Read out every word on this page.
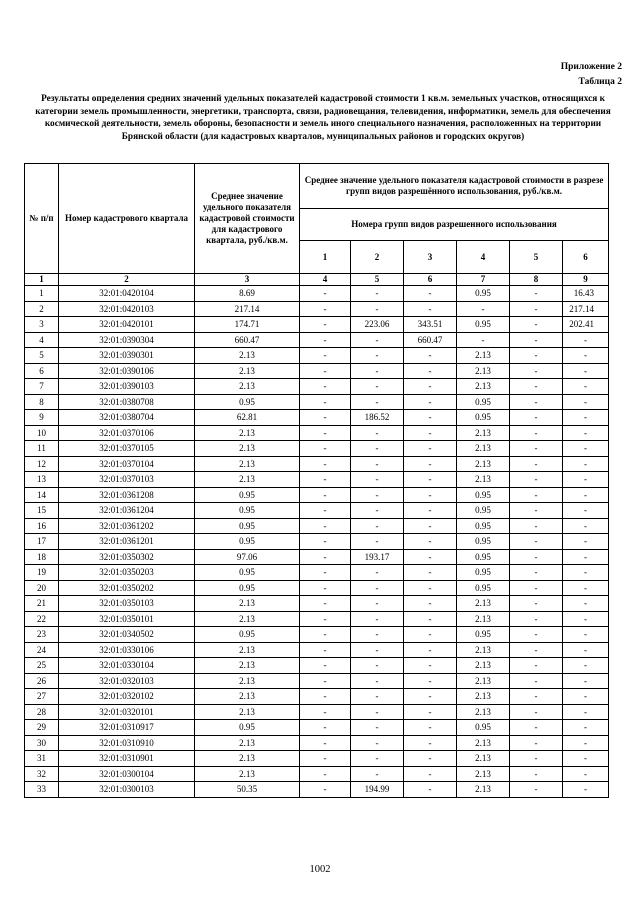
Приложение 2
Таблица 2
Результаты определения средних значений удельных показателей кадастровой стоимости 1 кв.м. земельных участков, относящихся к категории земель промышленности, энергетики, транспорта, связи, радиовещания, телевидения, информатики, земель для обеспечения космической деятельности, земель обороны, безопасности и земель иного специального назначения, расположенных на территории Брянской области (для кадастровых кварталов, муниципальных районов и городских округов)
№ п/п	Номер кадастрового квартала	Среднее значение удельного показателя кадастровой стоимости для кадастрового квартала, руб./кв.м.	Среднее значение удельного показателя кадастровой стоимости в разрезе групп видов разрешённого использования, руб./кв.м.					
			Номера групп видов разрешенного использования					
			1	2	3	4	5	6
1	2	3	4	5	6	7	8	9
1	32:01:0420104	8.69	-	-	-	0.95	-	16.43
2	32:01:0420103	217.14	-	-	-	-	-	217.14
3	32:01:0420101	174.71	-	223.06	343.51	0.95	-	202.41
4	32:01:0390304	660.47	-	-	660.47	-	-	-
5	32:01:0390301	2.13	-	-	-	2.13	-	-
6	32:01:0390106	2.13	-	-	-	2.13	-	-
7	32:01:0390103	2.13	-	-	-	2.13	-	-
8	32:01:0380708	0.95	-	-	-	0.95	-	-
9	32:01:0380704	62.81	-	186.52	-	0.95	-	-
10	32:01:0370106	2.13	-	-	-	2.13	-	-
11	32:01:0370105	2.13	-	-	-	2.13	-	-
12	32:01:0370104	2.13	-	-	-	2.13	-	-
13	32:01:0370103	2.13	-	-	-	2.13	-	-
14	32:01:0361208	0.95	-	-	-	0.95	-	-
15	32:01:0361204	0.95	-	-	-	0.95	-	-
16	32:01:0361202	0.95	-	-	-	0.95	-	-
17	32:01:0361201	0.95	-	-	-	0.95	-	-
18	32:01:0350302	97.06	-	193.17	-	0.95	-	-
19	32:01:0350203	0.95	-	-	-	0.95	-	-
20	32:01:0350202	0.95	-	-	-	0.95	-	-
21	32:01:0350103	2.13	-	-	-	2.13	-	-
22	32:01:0350101	2.13	-	-	-	2.13	-	-
23	32:01:0340502	0.95	-	-	-	0.95	-	-
24	32:01:0330106	2.13	-	-	-	2.13	-	-
25	32:01:0330104	2.13	-	-	-	2.13	-	-
26	32:01:0320103	2.13	-	-	-	2.13	-	-
27	32:01:0320102	2.13	-	-	-	2.13	-	-
28	32:01:0320101	2.13	-	-	-	2.13	-	-
29	32:01:0310917	0.95	-	-	-	0.95	-	-
30	32:01:0310910	2.13	-	-	-	2.13	-	-
31	32:01:0310901	2.13	-	-	-	2.13	-	-
32	32:01:0300104	2.13	-	-	-	2.13	-	-
33	32:01:0300103	50.35	-	194.99	-	2.13	-	-
1002
